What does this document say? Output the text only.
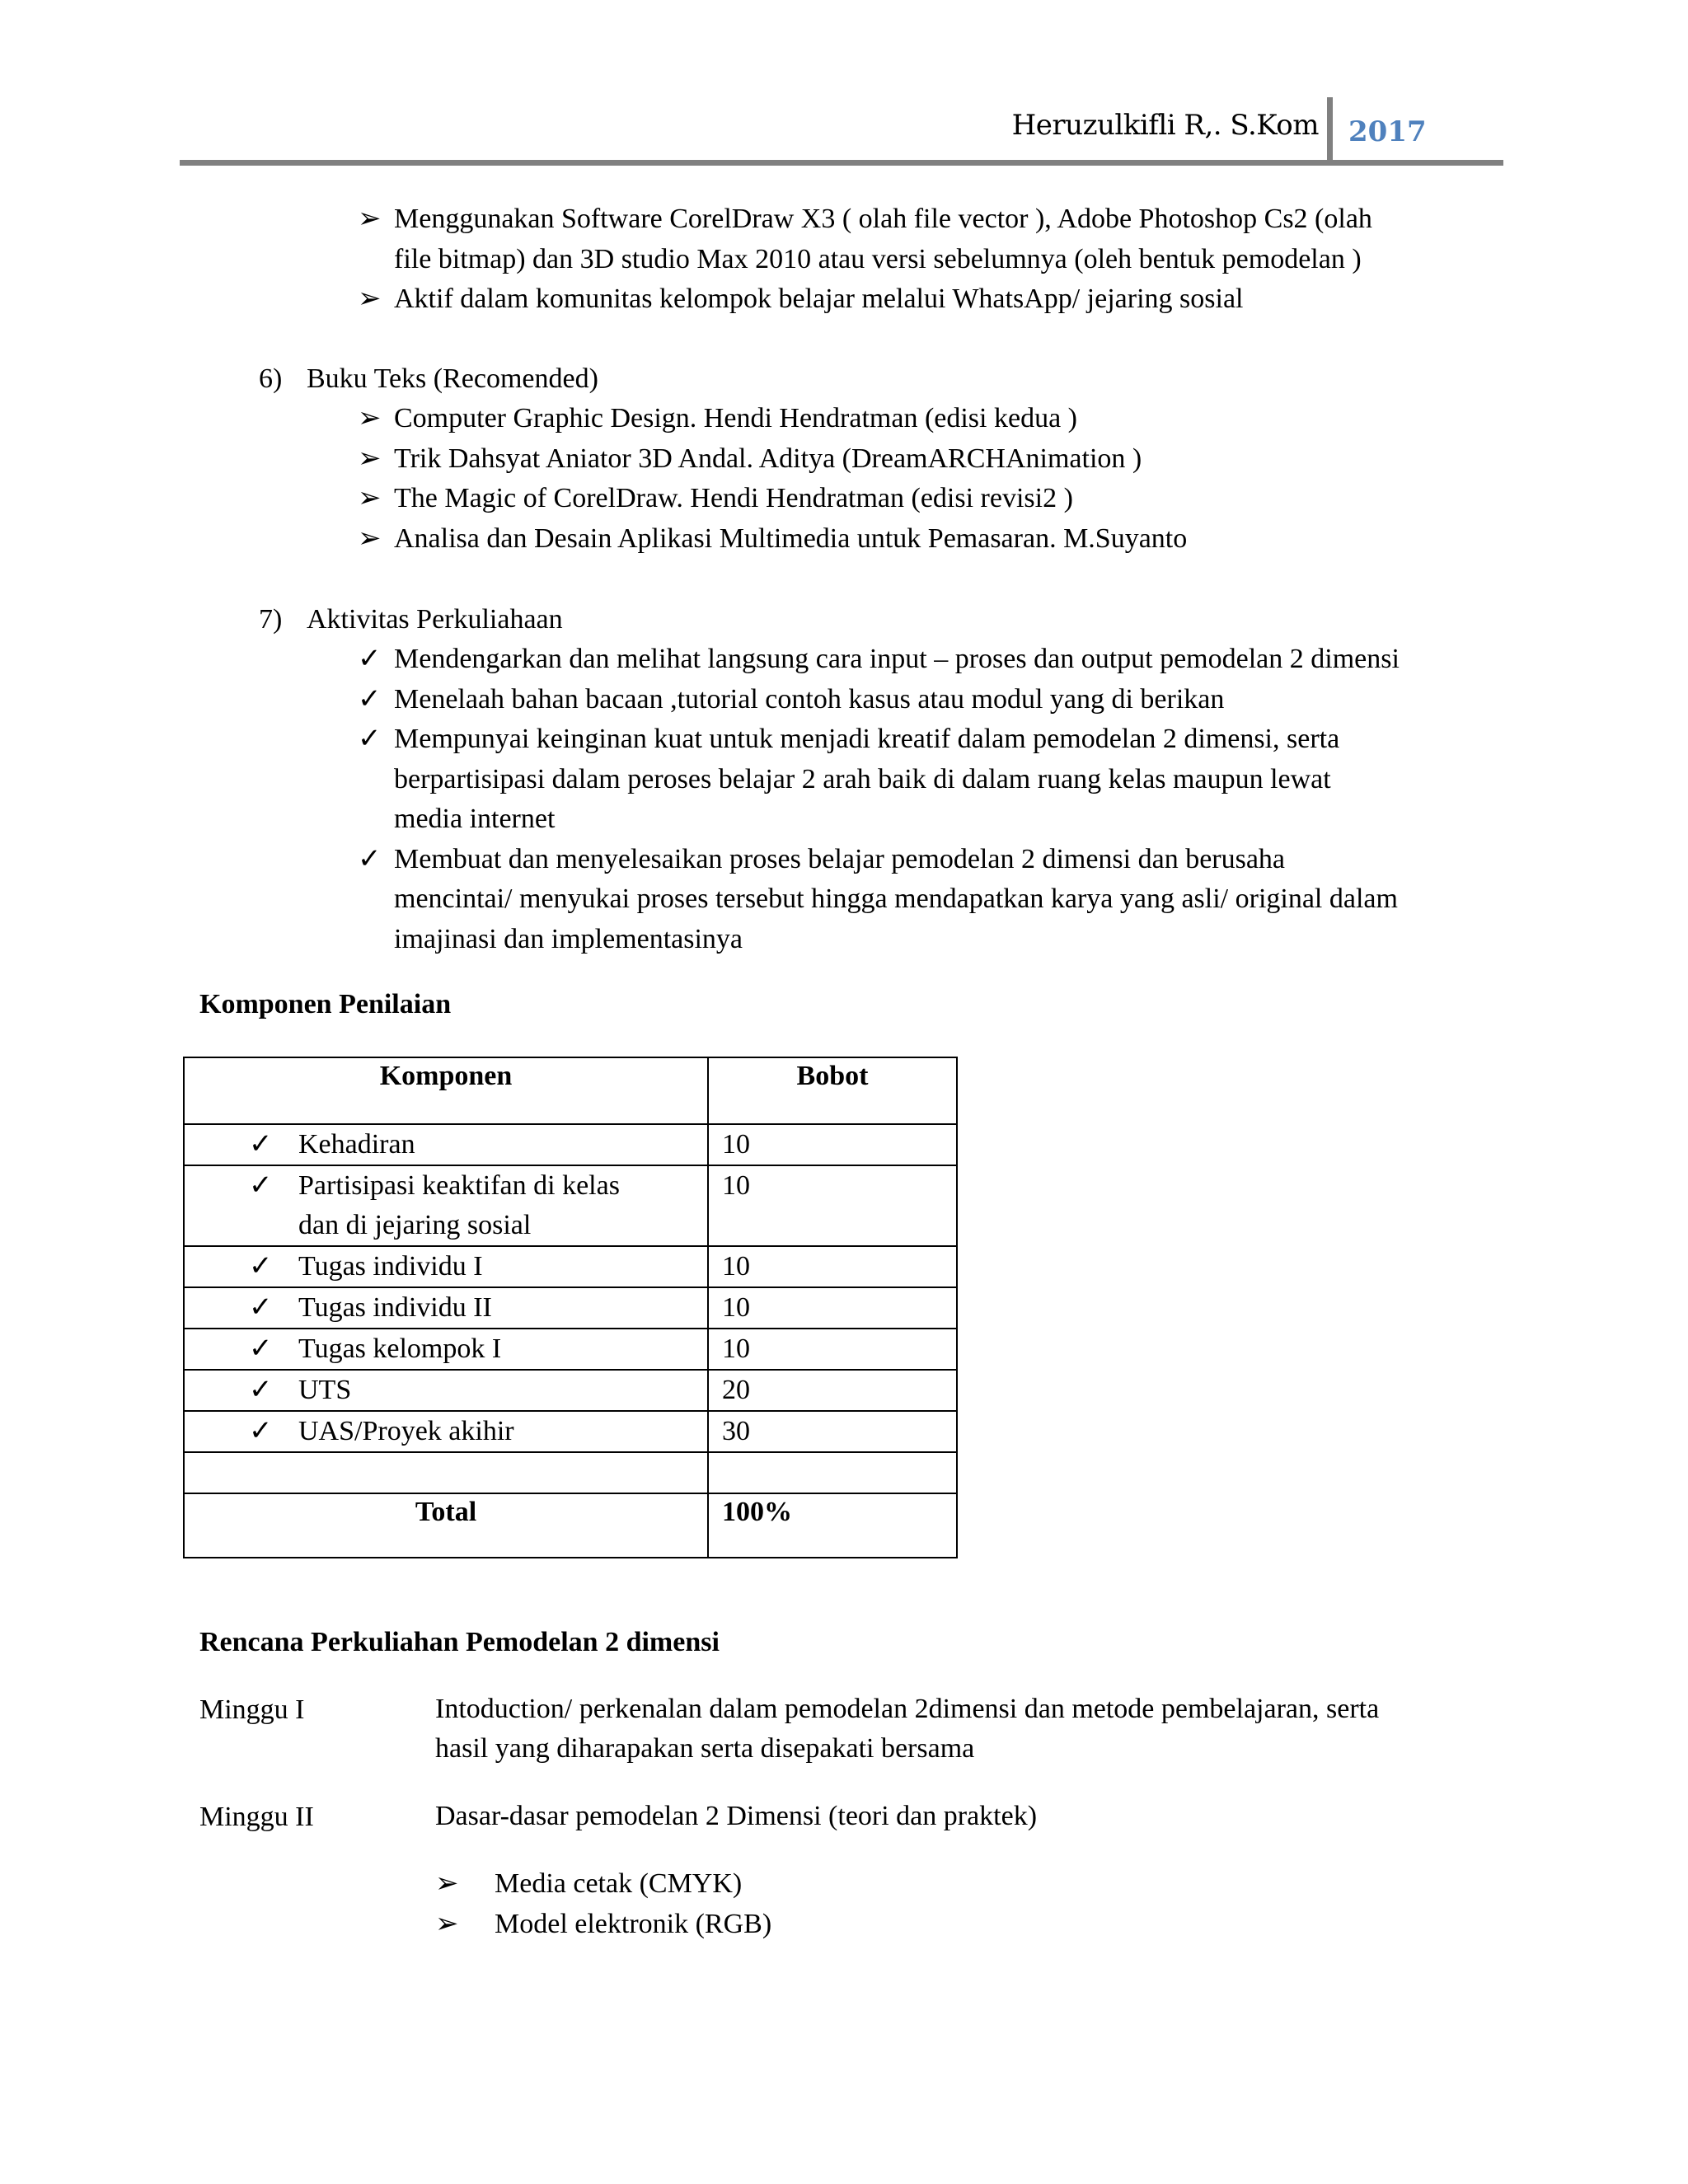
Heruzulkifli R,. S.Kom 2017
➢ Menggunakan Software CorelDraw X3 ( olah file vector ), Adobe Photoshop Cs2 (olah
file bitmap) dan 3D studio Max 2010 atau versi sebelumnya (oleh bentuk pemodelan )
➢ Aktif dalam komunitas kelompok belajar melalui WhatsApp/ jejaring sosial
6) Buku Teks (Recomended)
➢ Computer Graphic Design. Hendi Hendratman (edisi kedua )
➢ Trik Dahsyat Aniator 3D Andal. Aditya (DreamARCHAnimation )
➢ The Magic of CorelDraw. Hendi Hendratman (edisi revisi2 )
➢ Analisa dan Desain Aplikasi Multimedia untuk Pemasaran. M.Suyanto
7) Aktivitas Perkuliahaan
✓ Mendengarkan dan melihat langsung cara input – proses dan output pemodelan 2 dimensi
✓ Menelaah bahan bacaan ,tutorial contoh kasus atau modul yang di berikan
✓ Mempunyai keinginan kuat untuk menjadi kreatif dalam pemodelan 2 dimensi, serta
berpartisipasi dalam peroses belajar 2 arah baik di dalam ruang kelas maupun lewat
media internet
✓ Membuat dan menyelesaikan proses belajar pemodelan 2 dimensi dan berusaha
mencintai/ menyukai proses tersebut hingga mendapatkan karya yang asli/ original dalam
imajinasi dan implementasinya
Komponen Penilaian
Komponen	Bobot

✓ Kehadiran	10

✓ Partisipasi keaktifan di kelas
dan di jejaring sosial	10

✓ Tugas individu I	10

✓ Tugas individu II	10

✓ Tugas kelompok I	10

✓ UTS	20

✓ UAS/Proyek akihir	30

Total	100%
Rencana Perkuliahan Pemodelan 2 dimensi
Minggu I	Intoduction/ perkenalan dalam pemodelan 2dimensi dan metode pembelajaran, serta
hasil yang diharapakan serta disepakati bersama
Minggu II	Dasar-dasar pemodelan 2 Dimensi (teori dan praktek)
➢ Media cetak (CMYK)
➢ Model elektronik (RGB)
